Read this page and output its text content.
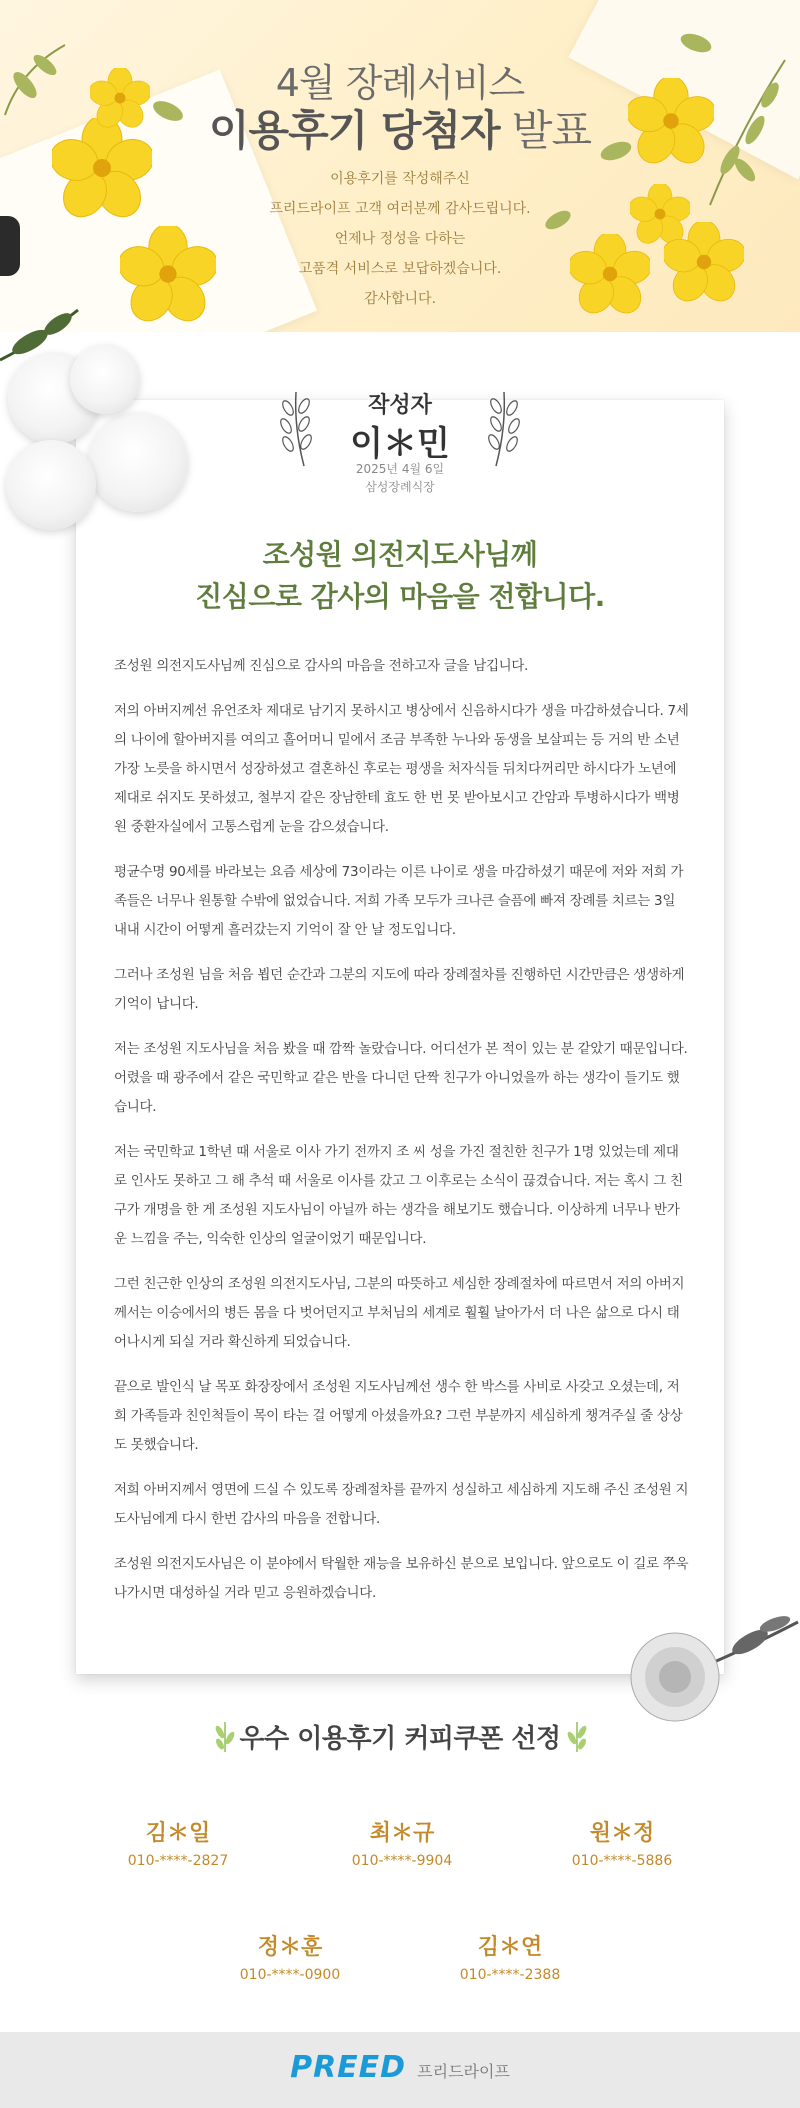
4월 장례서비스
이용후기 당첨자 발표
이용후기를 작성해주신
프리드라이프 고객 여러분께 감사드립니다.
언제나 정성을 다하는
고품격 서비스로 보답하겠습니다.
감사합니다.
작성자
이＊민
2025년 4월 6일
삼성장례식장
조성원 의전지도사님께
진심으로 감사의 마음을 전합니다.

조성원 의전지도사님께 진심으로 감사의 마음을 전하고자 글을 남깁니다.

저의 아버지께선 유언조차 제대로 남기지 못하시고 병상에서 신음하시다가 생을 마감하셨습니다. 7세의 나이에 할아버지를 여의고 홀어머니 밑에서 조금 부족한 누나와 동생을 보살피는 등 거의 반 소년 가장 노릇을 하시면서 성장하셨고 결혼하신 후로는 평생을 처자식들 뒤치다꺼리만 하시다가 노년에 제대로 쉬지도 못하셨고, 철부지 같은 장남한테 효도 한 번 못 받아보시고 간암과 투병하시다가 백병원 중환자실에서 고통스럽게 눈을 감으셨습니다.

평균수명 90세를 바라보는 요즘 세상에 73이라는 이른 나이로 생을 마감하셨기 때문에 저와 저희 가족들은 너무나 원통할 수밖에 없었습니다. 저희 가족 모두가 크나큰 슬픔에 빠져 장례를 치르는 3일 내내 시간이 어떻게 흘러갔는지 기억이 잘 안 날 정도입니다.

그러나 조성원 님을 처음 뵙던 순간과 그분의 지도에 따라 장례절차를 진행하던 시간만큼은 생생하게 기억이 납니다.

저는 조성원 지도사님을 처음 봤을 때 깜짝 놀랐습니다. 어디선가 본 적이 있는 분 같았기 때문입니다. 어렸을 때 광주에서 같은 국민학교 같은 반을 다니던 단짝 친구가 아니었을까 하는 생각이 들기도 했습니다.

저는 국민학교 1학년 때 서울로 이사 가기 전까지 조 씨 성을 가진 절친한 친구가 1명 있었는데 제대로 인사도 못하고 그 해 추석 때 서울로 이사를 갔고 그 이후로는 소식이 끊겼습니다. 저는 혹시 그 친구가 개명을 한 게 조성원 지도사님이 아닐까 하는 생각을 해보기도 했습니다. 이상하게 너무나 반가운 느낌을 주는, 익숙한 인상의 얼굴이었기 때문입니다.

그런 친근한 인상의 조성원 의전지도사님, 그분의 따뜻하고 세심한 장례절차에 따르면서 저의 아버지께서는 이승에서의 병든 몸을 다 벗어던지고 부처님의 세계로 훨훨 날아가서 더 나은 삶으로 다시 태어나시게 되실 거라 확신하게 되었습니다.

끝으로 발인식 날 목포 화장장에서 조성원 지도사님께선 생수 한 박스를 사비로 사갖고 오셨는데, 저희 가족들과 친인척들이 목이 타는 걸 어떻게 아셨을까요? 그런 부분까지 세심하게 챙겨주실 줄 상상도 못했습니다.

저희 아버지께서 영면에 드실 수 있도록 장례절차를 끝까지 성실하고 세심하게 지도해 주신 조성원 지도사님에게 다시 한번 감사의 마음을 전합니다.

조성원 의전지도사님은 이 분야에서 탁월한 재능을 보유하신 분으로 보입니다. 앞으로도 이 길로 쭈욱 나가시면 대성하실 거라 믿고 응원하겠습니다.

우수 이용후기 커피쿠폰 선정
김＊일
010-****-2827
최＊규
010-****-9904
원＊정
010-****-5886
정＊훈
010-****-0900
김＊연
010-****-2388
PREED 프리드라이프
